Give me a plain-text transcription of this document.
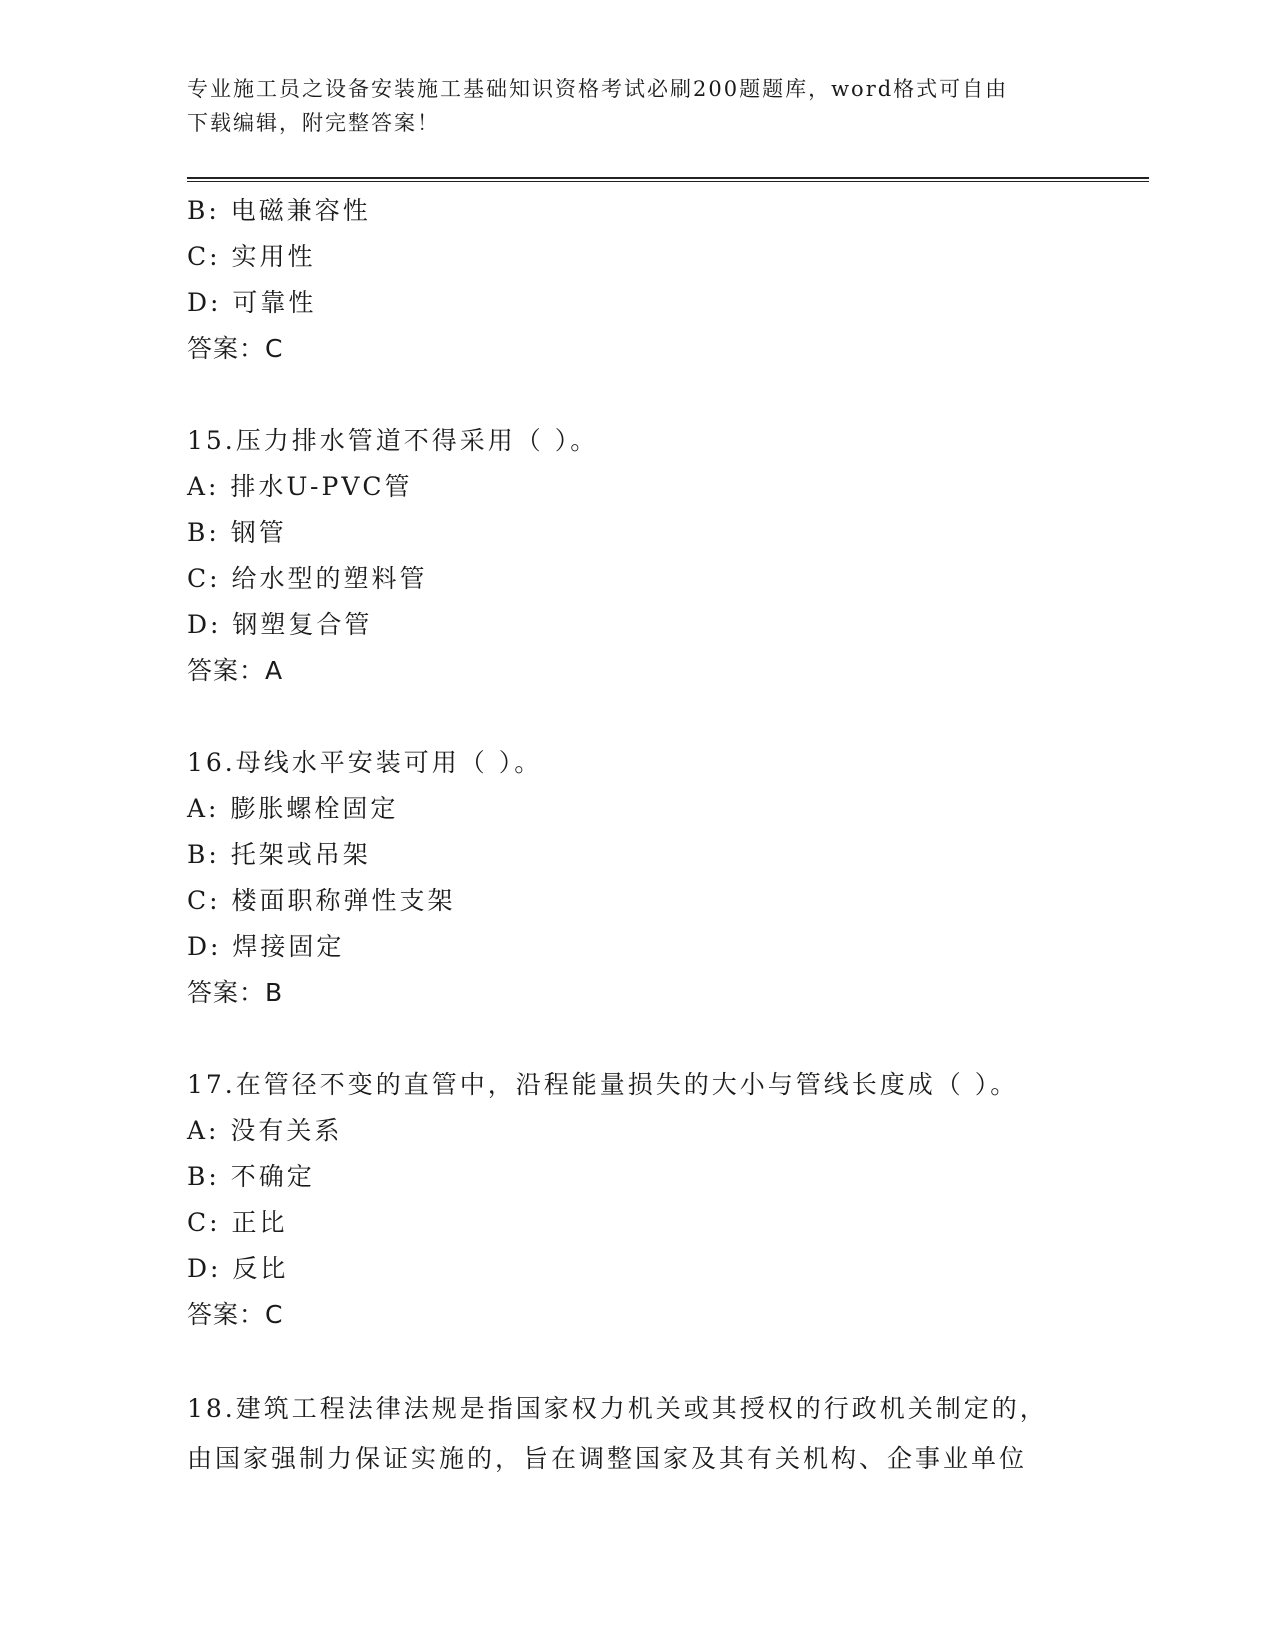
专业施工员之设备安装施工基础知识资格考试必刷200题题库，word格式可自由
下载编辑，附完整答案！
B: 电磁兼容性
C: 实用性
D: 可靠性
答案：C
15.压力排水管道不得采用（ ）。
A: 排水U-PVC管
B: 钢管
C: 给水型的塑料管
D: 钢塑复合管
答案：A
16.母线水平安装可用（ ）。
A: 膨胀螺栓固定
B: 托架或吊架
C: 楼面职称弹性支架
D: 焊接固定
答案：B
17.在管径不变的直管中，沿程能量损失的大小与管线长度成（ ）。
A: 没有关系
B: 不确定
C: 正比
D: 反比
答案：C
18.建筑工程法律法规是指国家权力机关或其授权的行政机关制定的，
由国家强制力保证实施的，旨在调整国家及其有关机构、企事业单位
